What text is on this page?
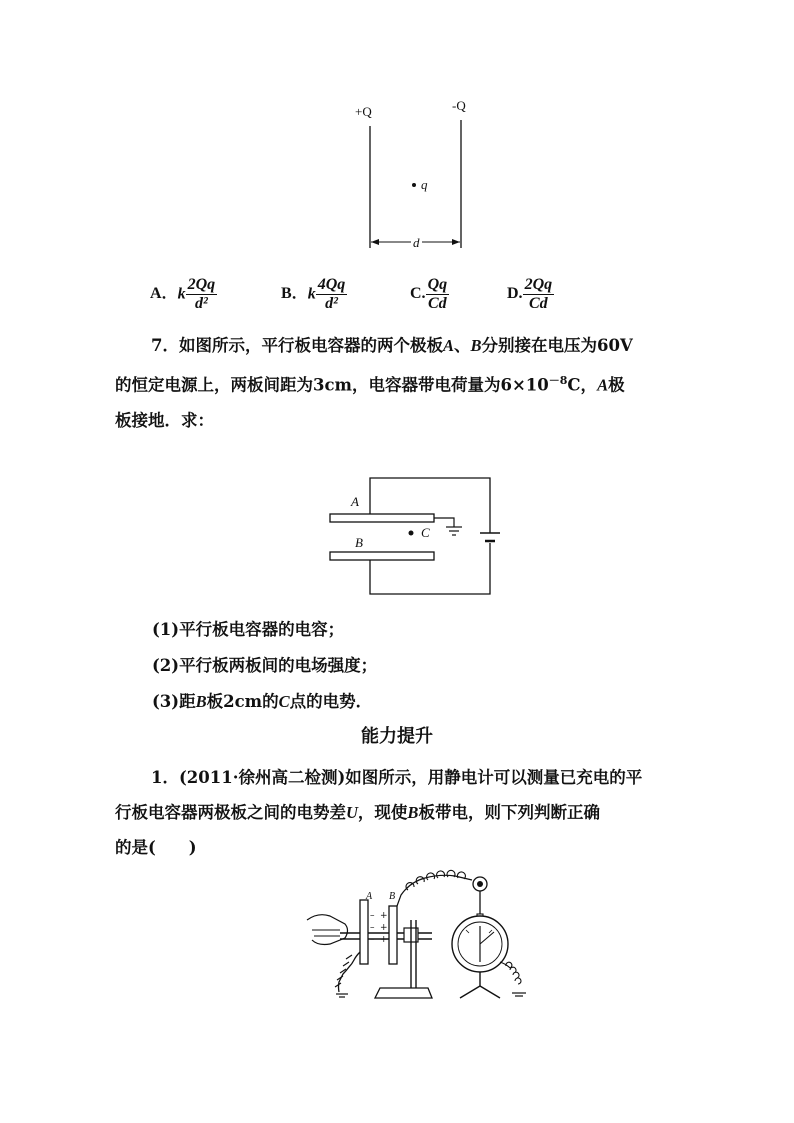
+Q	-Q
q
d
A．k $\frac{2Qq}{\text{d²}}$	B．k $\frac{4Qq}{\text{d²}}$	C. $\frac{Qq}{Cd}$	D. $\frac{2Qq}{Cd}$
7．如图所示，平行板电容器的两个极板A、B分别接在电压为60V
的恒定电源上，两板间距为3cm，电容器带电荷量为$6\times 10^{-8}C$，A极
板接地．求：
A
B
C
(1)平行板电容器的电容；
(2)平行板两板间的电场强度；
(3)距B板2cm的C点的电势．
能力提升
1．(2011·徐州高二检测)如图所示，用静电计可以测量已充电的平
行板电容器两极板之间的电势差U，现使B板带电，则下列判断正确
的是(　　)
–
–
–
+
+
+
A B
